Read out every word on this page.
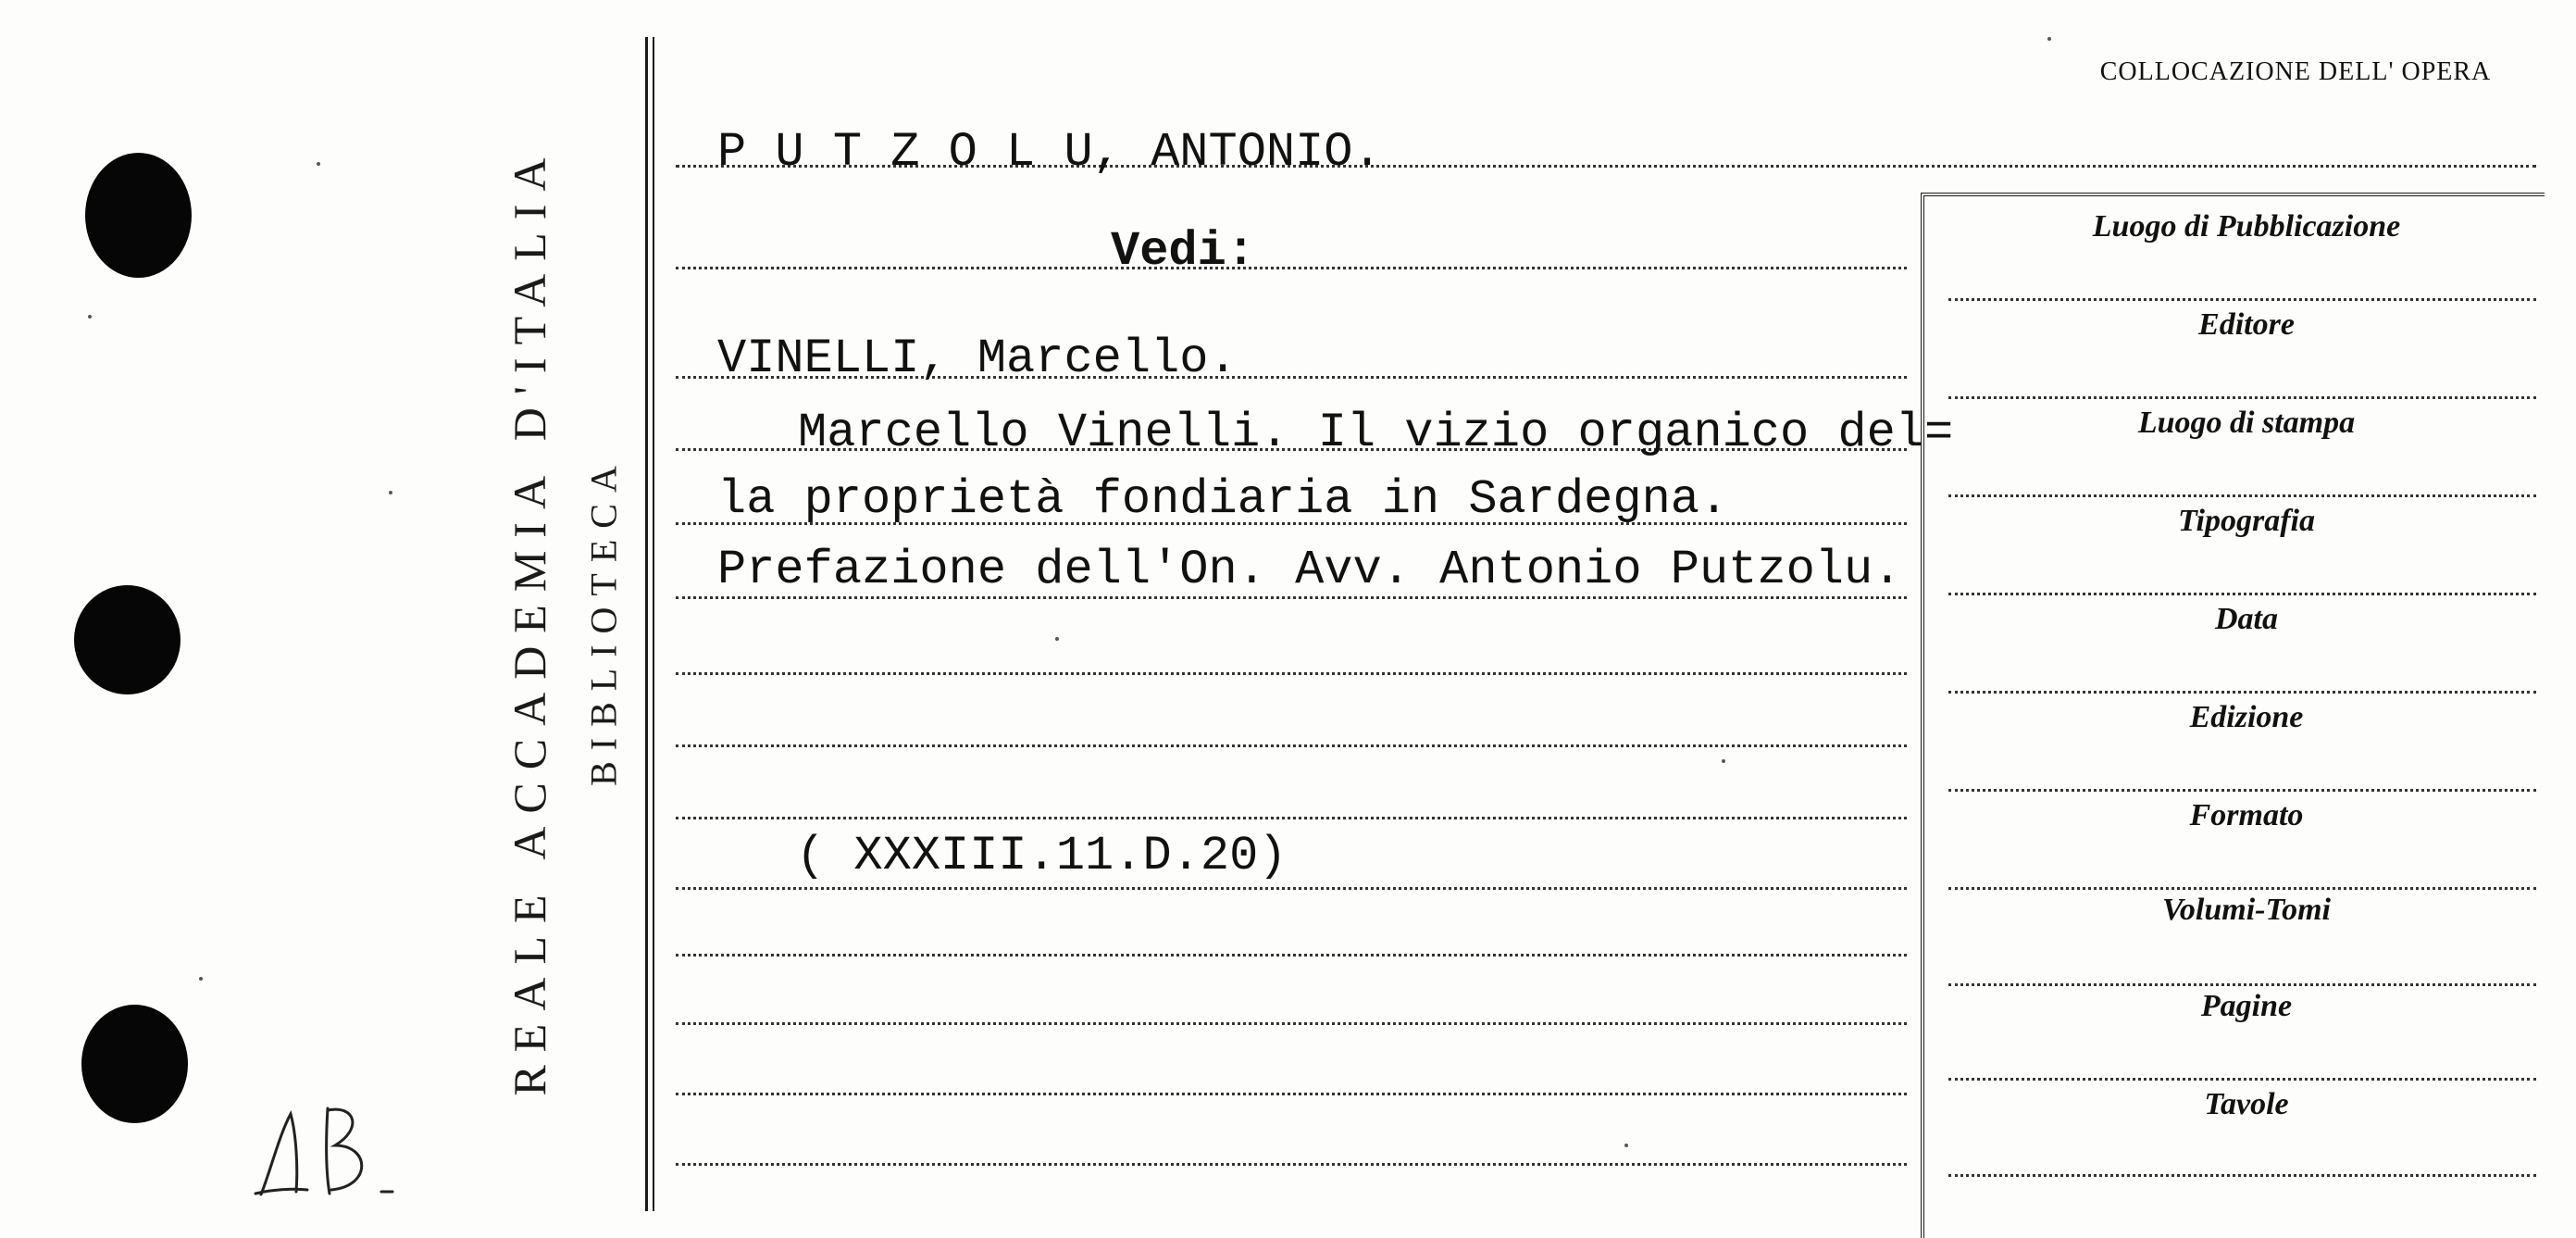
REALE ACCADEMIA D'ITALIA BIBLIOTECA
COLLOCAZIONE DELL' OPERA
P U T Z O L U, ANTONIO.
Vedi:
VINELLI, Marcello.
Marcello Vinelli. Il vizio organico del=
la proprietà fondiaria in Sardegna.
Prefazione dell'On. Avv. Antonio Putzolu.
( XXXIII.11.D.20)
Luogo di Pubblicazione
Editore
Luogo di stampa
Tipografia
Data
Edizione
Formato
Volumi-Tomi
Pagine
Tavole
